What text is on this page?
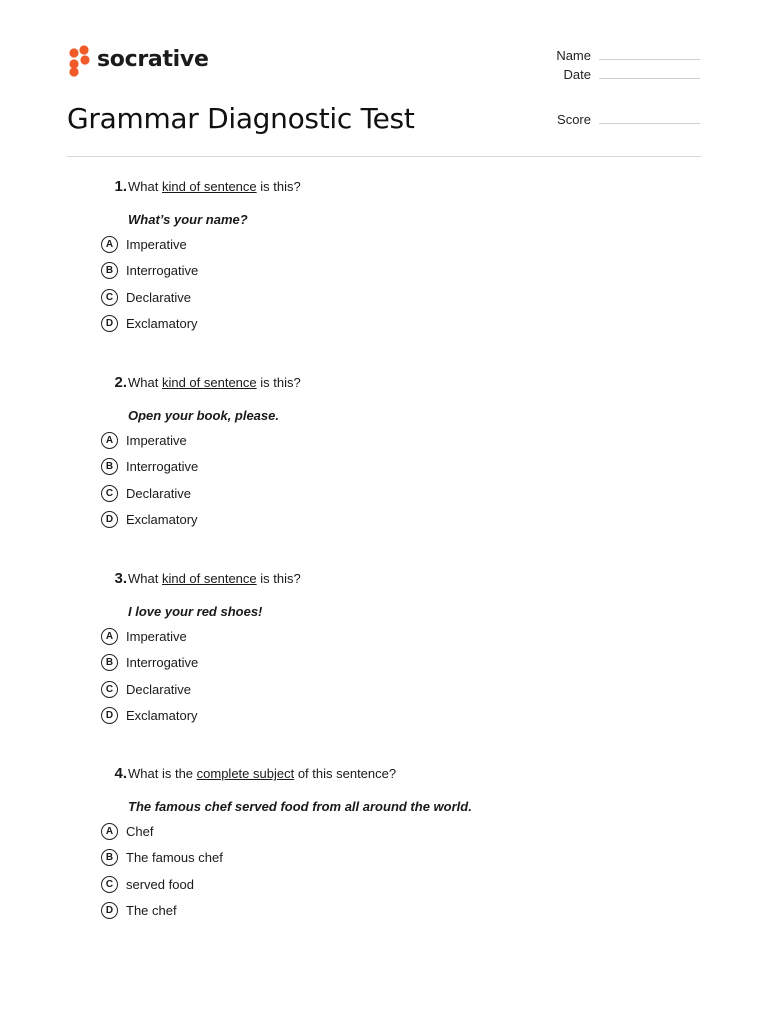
socrative
Grammar Diagnostic Test
Name
Date
Score
1. What kind of sentence is this?
What’s your name?
A Imperative
B Interrogative
C Declarative
D Exclamatory
2. What kind of sentence is this?
Open your book, please.
A Imperative
B Interrogative
C Declarative
D Exclamatory
3. What kind of sentence is this?
I love your red shoes!
A Imperative
B Interrogative
C Declarative
D Exclamatory
4. What is the complete subject of this sentence?
The famous chef served food from all around the world.
A Chef
B The famous chef
C served food
D The chef
